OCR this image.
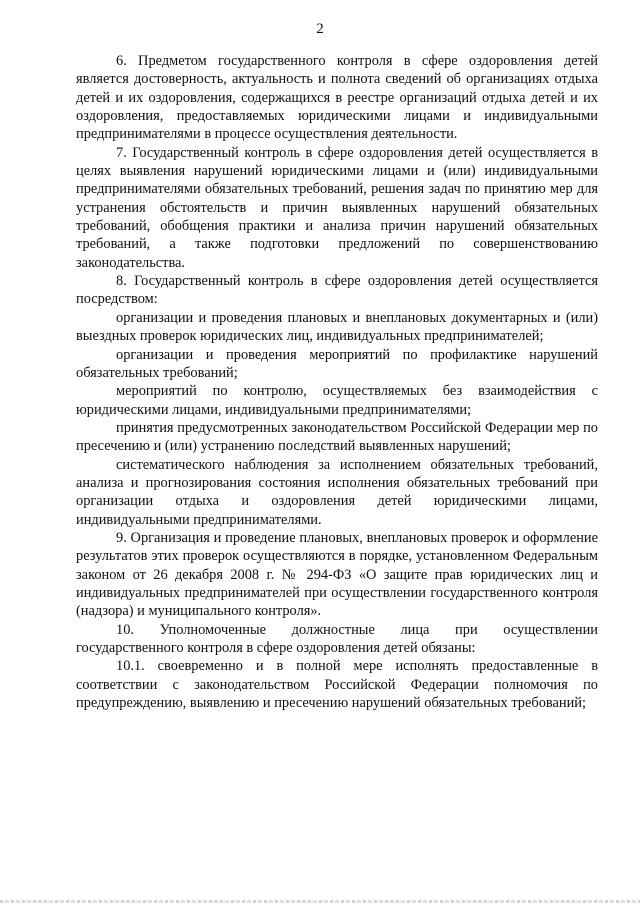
2

6. Предметом государственного контроля в сфере оздоровления детей является достоверность, актуальность и полнота сведений об организациях отдыха детей и их оздоровления, содержащихся в реестре организаций отдыха детей и их оздоровления, предоставляемых юридическими лицами и индивидуальными предпринимателями в процессе осуществления деятельности.

7. Государственный контроль в сфере оздоровления детей осуществляется в целях выявления нарушений юридическими лицами и (или) индивидуальными предпринимателями обязательных требований, решения задач по принятию мер для устранения обстоятельств и причин выявленных нарушений обязательных требований, обобщения практики и анализа причин нарушений обязательных требований, а также подготовки предложений по совершенствованию законодательства.

8. Государственный контроль в сфере оздоровления детей осуществляется посредством:

организации и проведения плановых и внеплановых документарных и (или) выездных проверок юридических лиц, индивидуальных предпринимателей;

организации и проведения мероприятий по профилактике нарушений обязательных требований;

мероприятий по контролю, осуществляемых без взаимодействия с юридическими лицами, индивидуальными предпринимателями;

принятия предусмотренных законодательством Российской Федерации мер по пресечению и (или) устранению последствий выявленных нарушений;

систематического наблюдения за исполнением обязательных требований, анализа и прогнозирования состояния исполнения обязательных требований при организации отдыха и оздоровления детей юридическими лицами, индивидуальными предпринимателями.

9. Организация и проведение плановых, внеплановых проверок и оформление результатов этих проверок осуществляются в порядке, установленном Федеральным законом от 26 декабря 2008 г. № 294-ФЗ «О защите прав юридических лиц и индивидуальных предпринимателей при осуществлении государственного контроля (надзора) и муниципального контроля».

10. Уполномоченные должностные лица при осуществлении государственного контроля в сфере оздоровления детей обязаны:

10.1. своевременно и в полной мере исполнять предоставленные в соответствии с законодательством Российской Федерации полномочия по предупреждению, выявлению и пресечению нарушений обязательных требований;
